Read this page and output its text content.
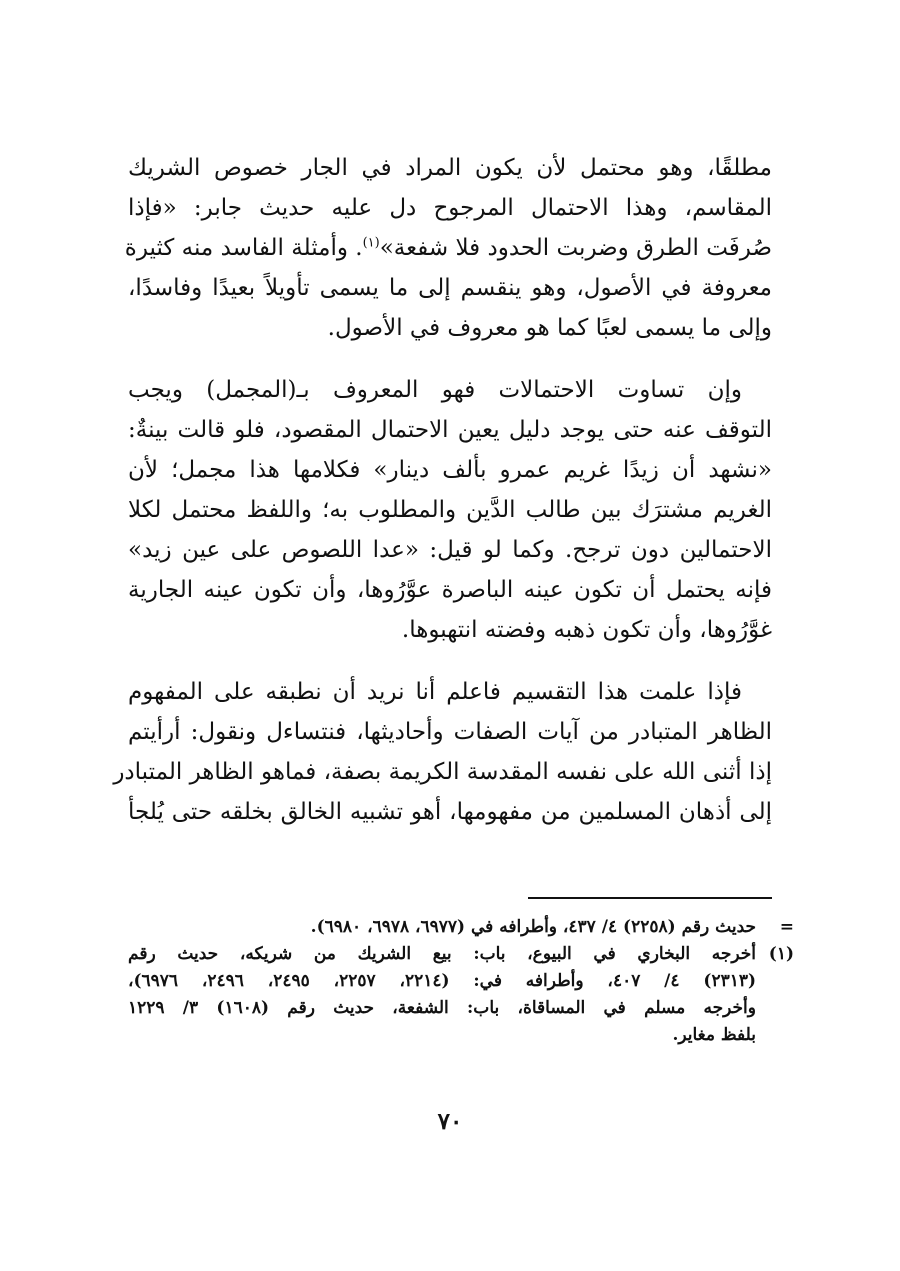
مطلقًا، وهو محتمل لأن يكون المراد في الجار خصوص الشريك
المقاسم، وهذا الاحتمال المرجوح دل عليه حديث جابر: «فإذا
صُرفَت الطرق وضربت الحدود فلا شفعة»$^{(١)}$. وأمثلة الفاسد منه كثيرة
معروفة في الأصول، وهو ينقسم إلى ما يسمى تأويلاً بعيدًا وفاسدًا،
وإلى ما يسمى لعبًا كما هو معروف في الأصول.

وإن تساوت الاحتمالات فهو المعروف بـ(المجمل) ويجب
التوقف عنه حتى يوجد دليل يعين الاحتمال المقصود، فلو قالت بينةٌ:
«نشهد أن زيدًا غريم عمرو بألف دينار» فكلامها هذا مجمل؛ لأن
الغريم مشترَك بين طالب الدَّين والمطلوب به؛ واللفظ محتمل لكلا
الاحتمالين دون ترجح. وكما لو قيل: «عدا اللصوص على عين زيد»
فإنه يحتمل أن تكون عينه الباصرة عوَّرُوها، وأن تكون عينه الجارية
غوَّرُوها، وأن تكون ذهبه وفضته انتهبوها.

فإذا علمت هذا التقسيم فاعلم أنا نريد أن نطبقه على المفهوم
الظاهر المتبادر من آيات الصفات وأحاديثها، فنتساءل ونقول: أرأيتم
إذا أثنى الله على نفسه المقدسة الكريمة بصفة، فماهو الظاهر المتبادر
إلى أذهان المسلمين من مفهومها، أهو تشبيه الخالق بخلقه حتى يُلجأ

=
حديث رقم (٢٢٥٨) ٤/ ٤٣٧، وأطرافه في (٦٩٧٧، ٦٩٧٨، ٦٩٨٠).
(١)
أخرجه البخاري في البيوع، باب: بيع الشريك من شريكه، حديث رقم
(٢٣١٣) ٤/ ٤٠٧، وأطرافه في: (٢٢١٤، ٢٢٥٧، ٢٤٩٥، ٢٤٩٦، ٦٩٧٦)،
وأخرجه مسلم في المساقاة، باب: الشفعة، حديث رقم (١٦٠٨) ٣/ ١٢٢٩
بلفظ مغاير.
٧٠
